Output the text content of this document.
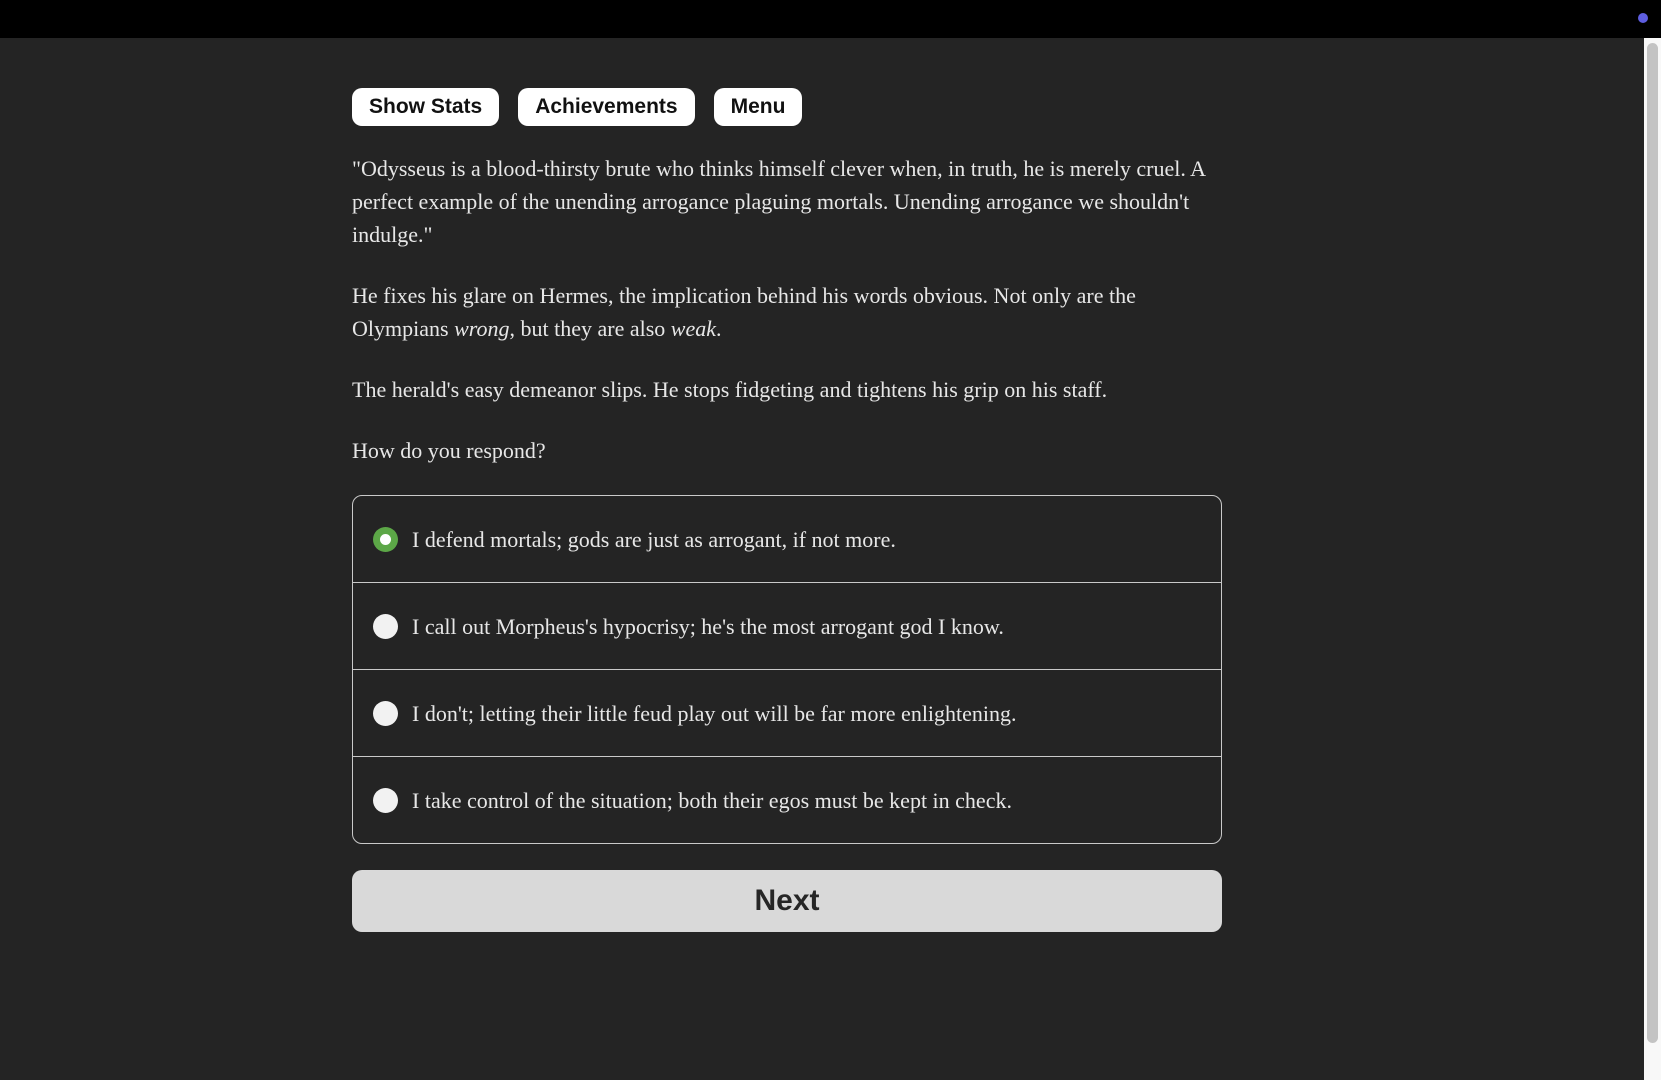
Show Stats	Achievements	Menu

"Odysseus is a blood-thirsty brute who thinks himself clever when, in truth, he is merely cruel. A perfect example of the unending arrogance plaguing mortals. Unending arrogance we shouldn't indulge."

He fixes his glare on Hermes, the implication behind his words obvious. Not only are the Olympians wrong, but they are also weak.

The herald's easy demeanor slips. He stops fidgeting and tightens his grip on his staff.

How do you respond?

I defend mortals; gods are just as arrogant, if not more.
I call out Morpheus's hypocrisy; he's the most arrogant god I know.
I don't; letting their little feud play out will be far more enlightening.
I take control of the situation; both their egos must be kept in check.
Next
